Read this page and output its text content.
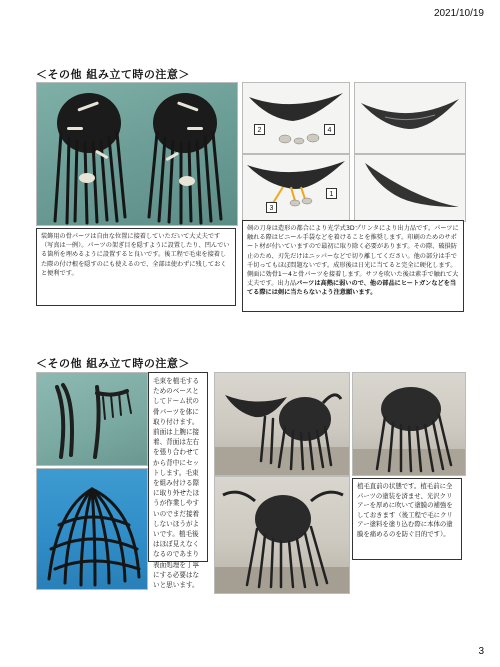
2021/10/19
＜その他 組み立て時の注意＞
2	4
3
1

装飾用の骨パーツは自由な位置に接着していただいて大丈夫です（写真は一例）。パーツの架ぎ目を隠すように設置したり、凹んでいる箇所を埋めるように設置すると良いです。後工程で毛束を接着した際の付け根を隠すのにも使えるので、全部は使わずに残しておくと便利です。

剣の刀身は造形の都合により光学式3Dプリンタにより出力品です。パーツに触れる際はビニール手袋などを着けることを推奨します。印刷のためのサポート材が付いていますので最初に取り除く必要があります。その際、破損防止のため、刃先だけはニッパーなどで切り離してください。他の部分は手で千切ってもほぼ問題ないです。成形後は日光に当てると完全に硬化します。側面に効骨1～4と骨パーツを接着します。サフを吹いた後は素手で触れて大丈夫です。出力品パーツは高熱に弱いので、他の部品にヒートガンなどを当てる際には剣に当たらないよう注意願います。

＜その他 組み立て時の注意＞

毛束を植毛するためのベースとしてドーム状の骨パーツを体に取り付けます。前面は上腕に接着、背面は左右を張り合わせてから背中にセットします。毛束を組み付ける際に取り外せたほうが作業しやすいのでまだ接着しないほうがよいです。植毛後はほぼ見えなくなるのであまり表面処理を丁寧にする必要はないと思います。

植毛直前の状態です。植毛前に全パーツの塗装を済ませ、光沢クリアーを厚めに吹いて塗膜の補強をしておきます（後工程で毛にクリアー塗料を塗り込む際に本体の塗膜を痛めるのを防ぐ目的です）。

3
